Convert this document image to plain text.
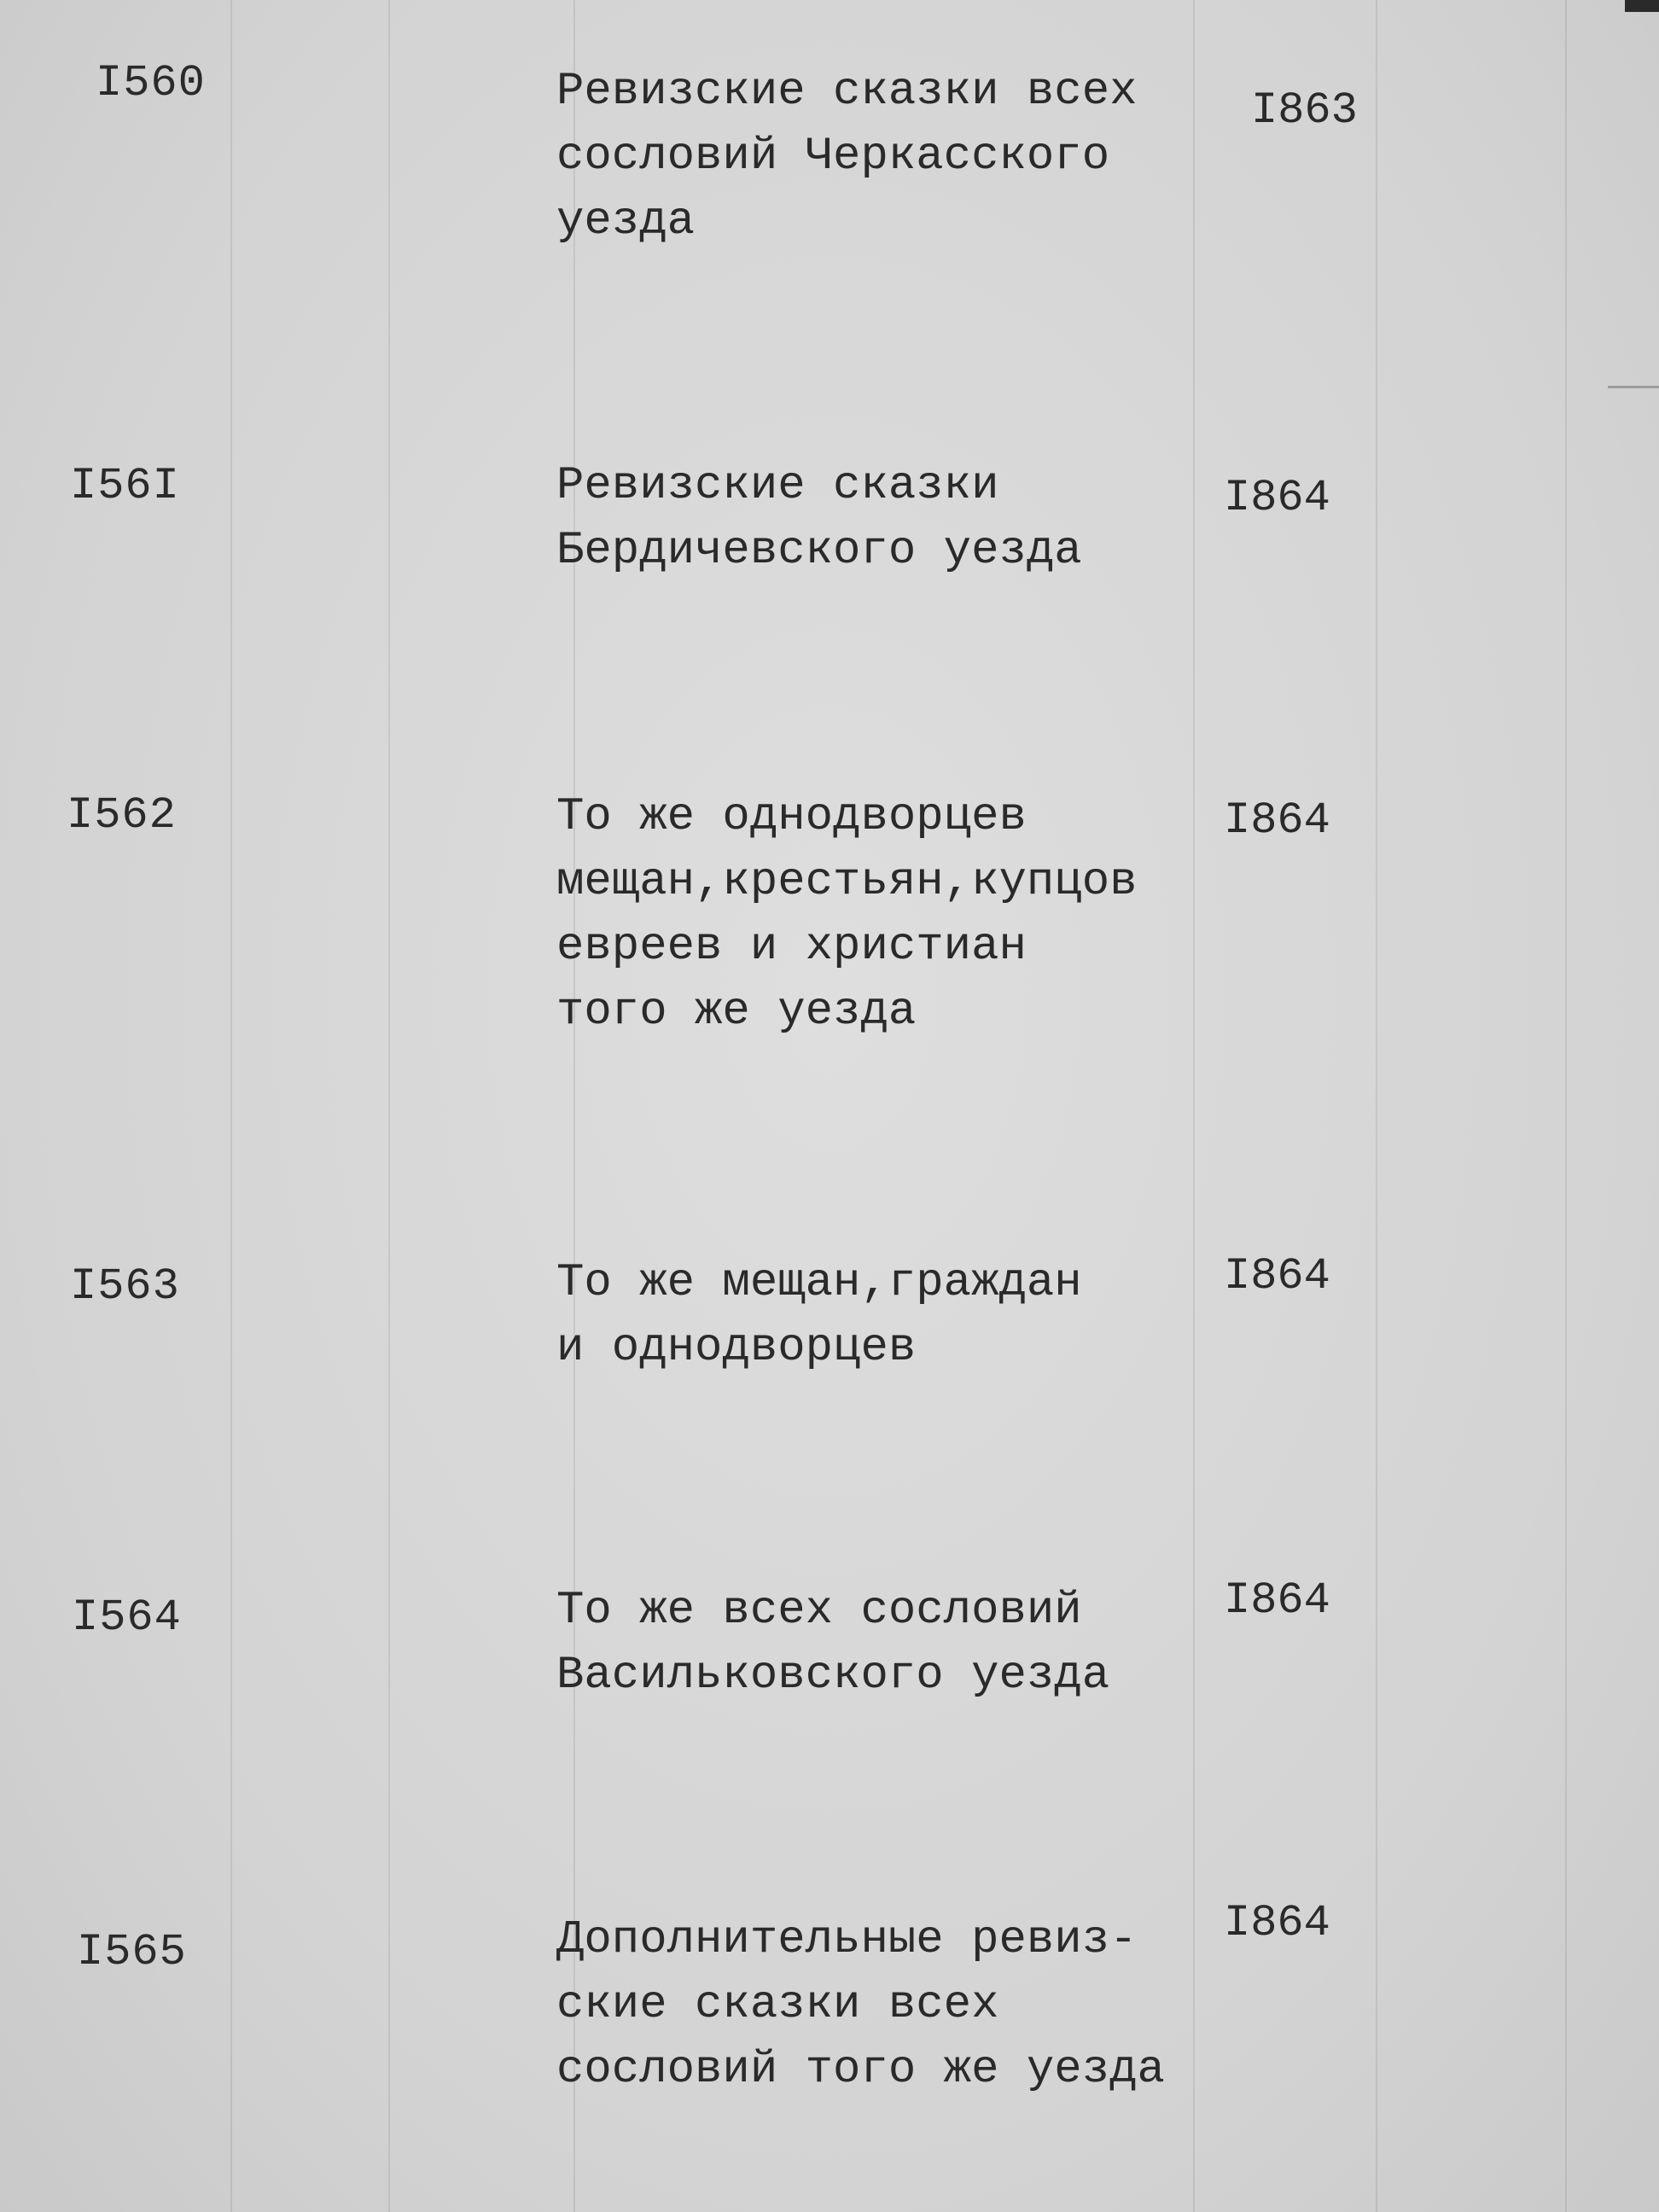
I560	Ревизские сказки всех
сословий Черкасского
уезда
I863
I56I	Ревизские сказки
Бердичевского уезда
I864
I562	То же однодворцев
мещан,крестьян,купцов
евреев и христиан
того же уезда
I864
I563	То же мещан,граждан
и однодворцев
I864
I564	То же всех сословий
Васильковского уезда
I864
I565	Дополнительные ревиз-
ские сказки всех
сословий того же уезда
I864
